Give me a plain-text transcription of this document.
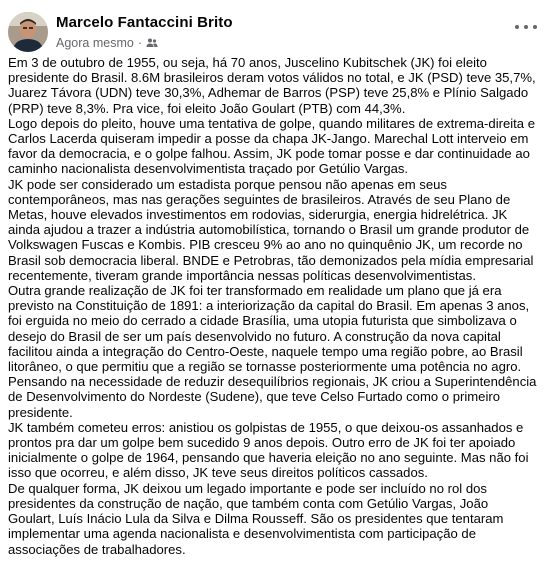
Marcelo Fantaccini Brito
Agora mesmo ·

Em 3 de outubro de 1955, ou seja, há 70 anos, Juscelino Kubitschek (JK) foi eleito presidente do Brasil. 8.6M brasileiros deram votos válidos no total, e JK (PSD) teve 35,7%, Juarez Távora (UDN) teve 30,3%, Adhemar de Barros (PSP) teve 25,8% e Plínio Salgado (PRP) teve 8,3%. Pra vice, foi eleito João Goulart (PTB) com 44,3%.

Logo depois do pleito, houve uma tentativa de golpe, quando militares de extrema-direita e Carlos Lacerda quiseram impedir a posse da chapa JK-Jango. Marechal Lott interveio em favor da democracia, e o golpe falhou. Assim, JK pode tomar posse e dar continuidade ao caminho nacionalista desenvolvimentista traçado por Getúlio Vargas.

JK pode ser considerado um estadista porque pensou não apenas em seus contemporâneos, mas nas gerações seguintes de brasileiros. Através de seu Plano de Metas, houve elevados investimentos em rodovias, siderurgia, energia hidrelétrica. JK ainda ajudou a trazer a indústria automobilística, tornando o Brasil um grande produtor de Volkswagen Fuscas e Kombis. PIB cresceu 9% ao ano no quinquênio JK, um recorde no Brasil sob democracia liberal. BNDE e Petrobras, tão demonizados pela mídia empresarial recentemente, tiveram grande importância nessas políticas desenvolvimentistas.

Outra grande realização de JK foi ter transformado em realidade um plano que já era previsto na Constituição de 1891: a interiorização da capital do Brasil. Em apenas 3 anos, foi erguida no meio do cerrado a cidade Brasília, uma utopia futurista que simbolizava o desejo do Brasil de ser um país desenvolvido no futuro. A construção da nova capital facilitou ainda a integração do Centro-Oeste, naquele tempo uma região pobre, ao Brasil litorâneo, o que permitiu que a região se tornasse posteriormente uma potência no agro.

Pensando na necessidade de reduzir desequilíbrios regionais, JK criou a Superintendência de Desenvolvimento do Nordeste (Sudene), que teve Celso Furtado como o primeiro presidente.

JK também cometeu erros: anistiou os golpistas de 1955, o que deixou-os assanhados e prontos pra dar um golpe bem sucedido 9 anos depois. Outro erro de JK foi ter apoiado inicialmente o golpe de 1964, pensando que haveria eleição no ano seguinte. Mas não foi isso que ocorreu, e além disso, JK teve seus direitos políticos cassados.

De qualquer forma, JK deixou um legado importante e pode ser incluído no rol dos presidentes da construção de nação, que também conta com Getúlio Vargas, João Goulart, Luís Inácio Lula da Silva e Dilma Rousseff. São os presidentes que tentaram implementar uma agenda nacionalista e desenvolvimentista com participação de associações de trabalhadores.
